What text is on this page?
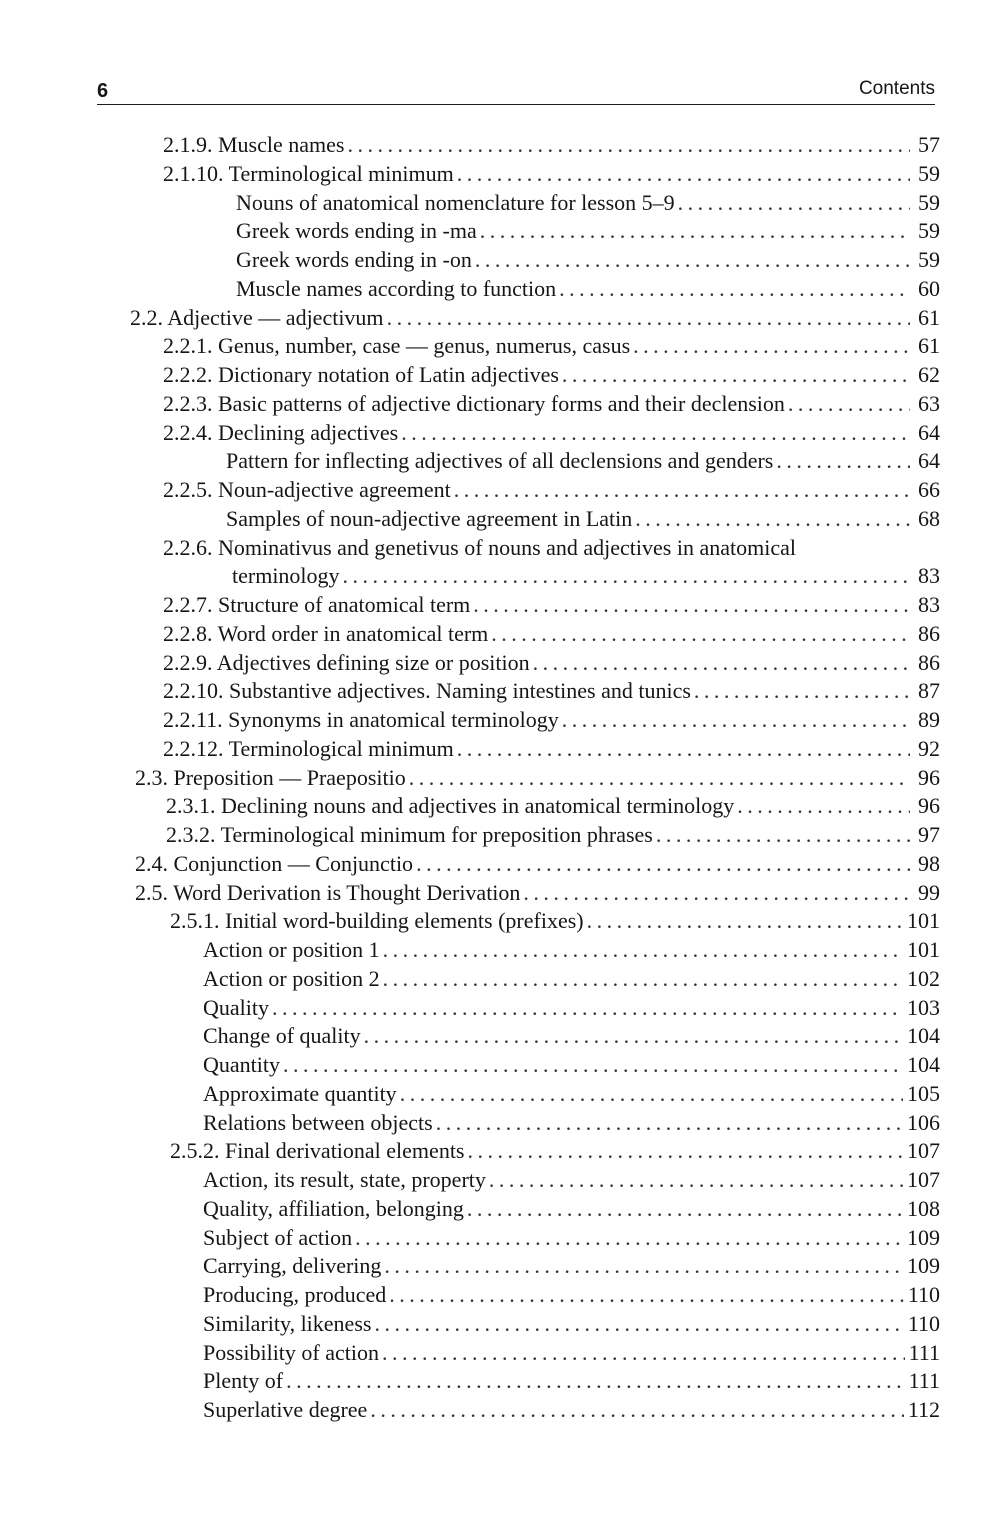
6	Contents
2.1.9. Muscle names . . .	57
2.1.10. Terminological minimum . . .	59
Nouns of anatomical nomenclature for lesson 5–9 . . .	59
Greek words ending in -ma . . .	59
Greek words ending in -on . . .	59
Muscle names according to function . . .	60
2.2. Adjective — adjectivum . . .	61
2.2.1. Genus, number, case — genus, numerus, casus . . .	61
2.2.2. Dictionary notation of Latin adjectives . . .	62
2.2.3. Basic patterns of adjective dictionary forms and their declension . . .	63
2.2.4. Declining adjectives . . .	64
Pattern for inflecting adjectives of all declensions and genders . . .	64
2.2.5. Noun-adjective agreement . . .	66
Samples of noun-adjective agreement in Latin . . .	68
2.2.6. Nominativus and genetivus of nouns and adjectives in anatomical
terminology . . .	83
2.2.7. Structure of anatomical term . . .	83
2.2.8. Word order in anatomical term . . .	86
2.2.9. Adjectives defining size or position . . .	86
2.2.10. Substantive adjectives. Naming intestines and tunics . . .	87
2.2.11. Synonyms in anatomical terminology . . .	89
2.2.12. Terminological minimum . . .	92
2.3. Preposition — Praepositio . . .	96
2.3.1. Declining nouns and adjectives in anatomical terminology . . .	96
2.3.2. Terminological minimum for preposition phrases . . .	97
2.4. Conjunction — Conjunctio . . .	98
2.5. Word Derivation is Thought Derivation . . .	99
2.5.1. Initial word-building elements (prefixes) . . .	101
Action or position 1 . . .	101
Action or position 2 . . .	102
Quality . . .	103
Change of quality . . .	104
Quantity . . .	104
Approximate quantity . . .	105
Relations between objects . . .	106
2.5.2. Final derivational elements . . .	107
Action, its result, state, property . . .	107
Quality, affiliation, belonging . . .	108
Subject of action . . .	109
Carrying, delivering . . .	109
Producing, produced . . .	110
Similarity, likeness . . .	110
Possibility of action . . .	111
Plenty of . . .	111
Superlative degree . . .	112
